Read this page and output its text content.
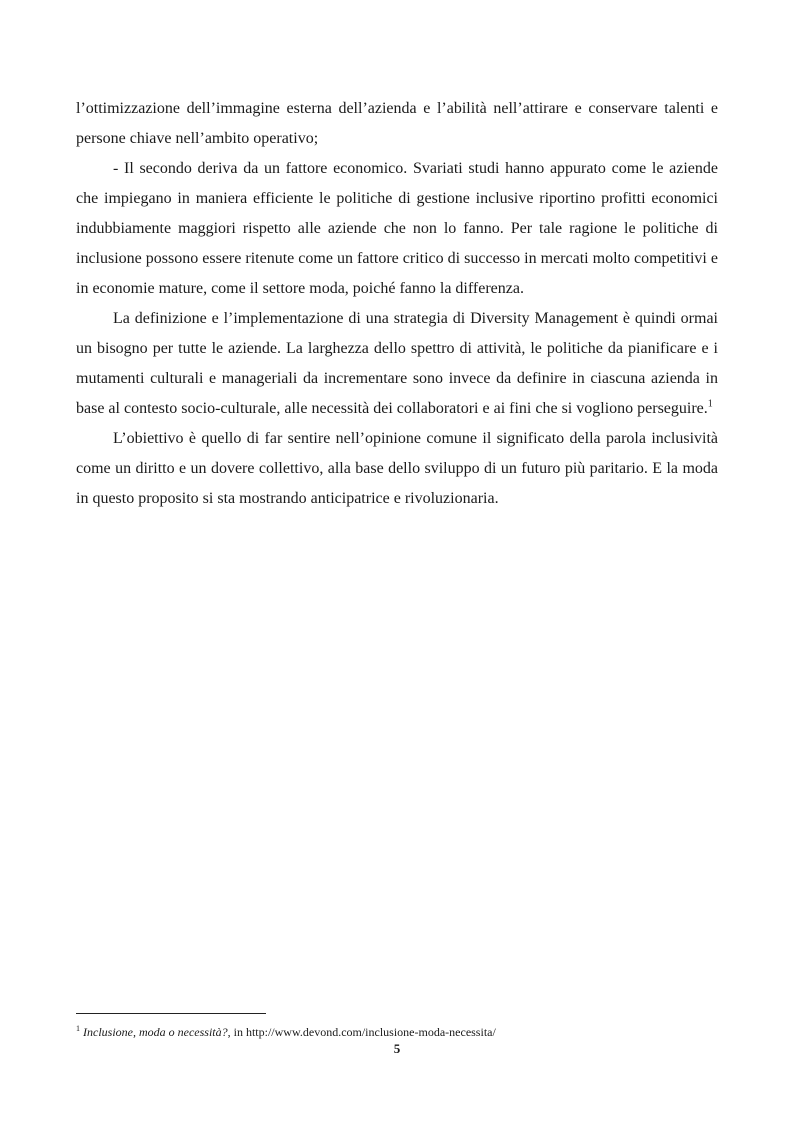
l’ottimizzazione dell’immagine esterna dell’azienda e l’abilità nell’attirare e conservare talenti e persone chiave nell’ambito operativo;

- Il secondo deriva da un fattore economico. Svariati studi hanno appurato come le aziende che impiegano in maniera efficiente le politiche di gestione inclusive riportino profitti economici indubbiamente maggiori rispetto alle aziende che non lo fanno. Per tale ragione le politiche di inclusione possono essere ritenute come un fattore critico di successo in mercati molto competitivi e in economie mature, come il settore moda, poiché fanno la differenza.

La definizione e l’implementazione di una strategia di Diversity Management è quindi ormai un bisogno per tutte le aziende. La larghezza dello spettro di attività, le politiche da pianificare e i mutamenti culturali e manageriali da incrementare sono invece da definire in ciascuna azienda in base al contesto socio-culturale, alle necessità dei collaboratori e ai fini che si vogliono perseguire.$^1$

L’obiettivo è quello di far sentire nell’opinione comune il significato della parola inclusività come un diritto e un dovere collettivo, alla base dello sviluppo di un futuro più paritario. E la moda in questo proposito si sta mostrando anticipatrice e rivoluzionaria.

$^1$ Inclusione, moda o necessità?, in http://www.devond.com/inclusione-moda-necessita/
5
